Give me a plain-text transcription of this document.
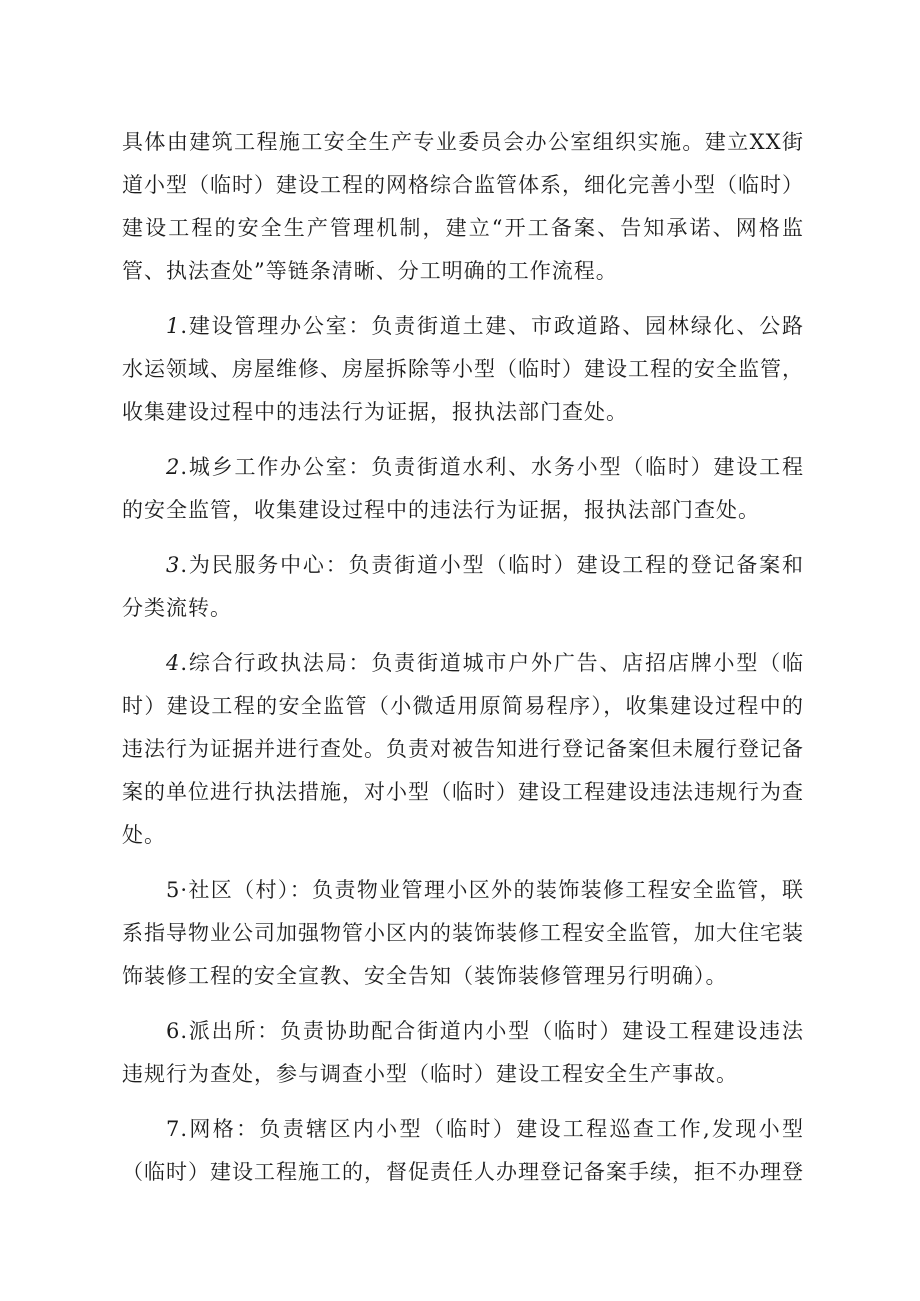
具体由建筑工程施工安全生产专业委员会办公室组织实施。建立XX街道小型（临时）建设工程的网格综合监管体系，细化完善小型（临时）建设工程的安全生产管理机制，建立“开工备案、告知承诺、网格监管、执法查处”等链条清晰、分工明确的工作流程。

1.建设管理办公室：负责街道土建、市政道路、园林绿化、公路水运领域、房屋维修、房屋拆除等小型（临时）建设工程的安全监管，收集建设过程中的违法行为证据，报执法部门查处。

2.城乡工作办公室：负责街道水利、水务小型（临时）建设工程的安全监管，收集建设过程中的违法行为证据，报执法部门查处。

3.为民服务中心：负责街道小型（临时）建设工程的登记备案和分类流转。

4.综合行政执法局：负责街道城市户外广告、店招店牌小型（临时）建设工程的安全监管（小微适用原简易程序），收集建设过程中的违法行为证据并进行查处。负责对被告知进行登记备案但未履行登记备案的单位进行执法措施，对小型（临时）建设工程建设违法违规行为查处。

5·社区（村）：负责物业管理小区外的装饰装修工程安全监管，联系指导物业公司加强物管小区内的装饰装修工程安全监管，加大住宅装饰装修工程的安全宣教、安全告知（装饰装修管理另行明确）。

6.派出所：负责协助配合街道内小型（临时）建设工程建设违法违规行为查处，参与调查小型（临时）建设工程安全生产事故。

7.网格：负责辖区内小型（临时）建设工程巡查工作,发现小型（临时）建设工程施工的，督促责任人办理登记备案手续，拒不办理登
